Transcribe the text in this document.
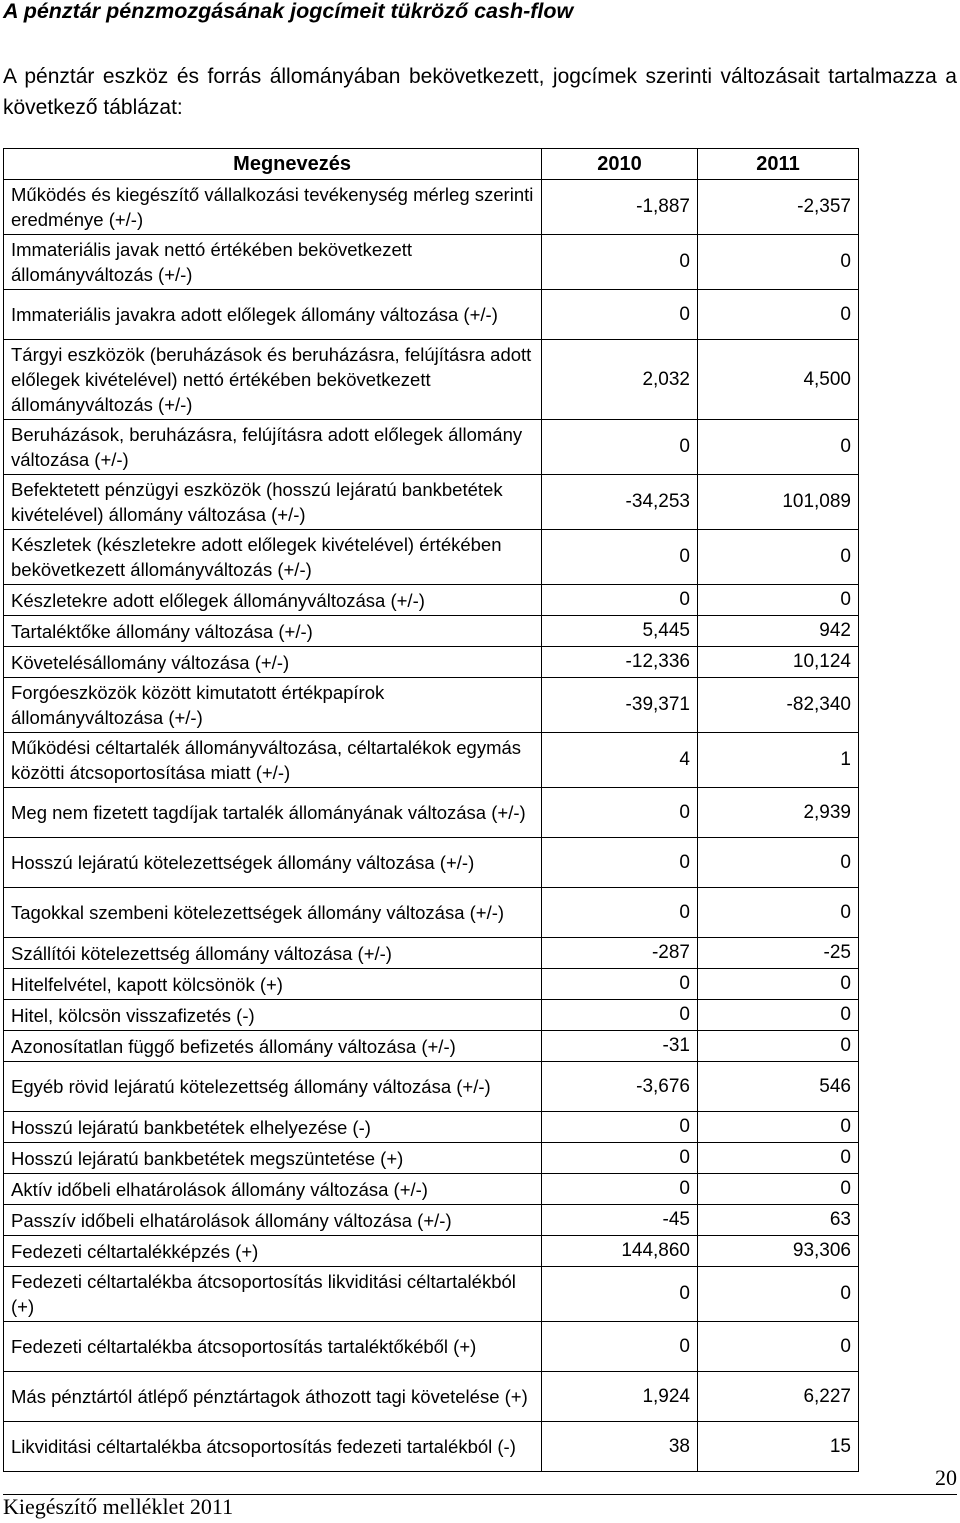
A pénztár pénzmozgásának jogcímeit tükröző cash-flow
A pénztár eszköz és forrás állományában bekövetkezett, jogcímek szerinti változásait tartalmazza a következő táblázat:
Megnevezés	2010	2011
Működés és kiegészítő vállalkozási tevékenység mérleg szerinti eredménye (+/-)	-1,887	-2,357
Immateriális javak nettó értékében bekövetkezett állományváltozás (+/-)	0	0
Immateriális javakra adott előlegek állomány változása (+/-)	0	0
Tárgyi eszközök (beruházások és beruházásra, felújításra adott előlegek kivételével) nettó értékében bekövetkezett állományváltozás (+/-)	2,032	4,500
Beruházások, beruházásra, felújításra adott előlegek állomány változása (+/-)	0	0
Befektetett pénzügyi eszközök (hosszú lejáratú bankbetétek kivételével) állomány változása (+/-)	-34,253	101,089
Készletek (készletekre adott előlegek kivételével) értékében bekövetkezett állományváltozás (+/-)	0	0
Készletekre adott előlegek állományváltozása (+/-)	0	0
Tartaléktőke állomány változása (+/-)	5,445	942
Követelésállomány változása (+/-)	-12,336	10,124
Forgóeszközök között kimutatott értékpapírok állományváltozása (+/-)	-39,371	-82,340
Működési céltartalék állományváltozása, céltartalékok egymás közötti átcsoportosítása miatt (+/-)	4	1
Meg nem fizetett tagdíjak tartalék állományának változása (+/-)	0	2,939
Hosszú lejáratú kötelezettségek állomány változása (+/-)	0	0
Tagokkal szembeni kötelezettségek állomány változása (+/-)	0	0
Szállítói kötelezettség állomány változása (+/-)	-287	-25
Hitelfelvétel, kapott kölcsönök (+)	0	0
Hitel, kölcsön visszafizetés (-)	0	0
Azonosítatlan függő befizetés állomány változása (+/-)	-31	0
Egyéb rövid lejáratú kötelezettség állomány változása (+/-)	-3,676	546
Hosszú lejáratú bankbetétek elhelyezése (-)	0	0
Hosszú lejáratú bankbetétek megszüntetése (+)	0	0
Aktív időbeli elhatárolások állomány változása (+/-)	0	0
Passzív időbeli elhatárolások állomány változása (+/-)	-45	63
Fedezeti céltartalékképzés (+)	144,860	93,306
Fedezeti céltartalékba átcsoportosítás likviditási céltartalékból (+)	0	0
Fedezeti céltartalékba átcsoportosítás tartaléktőkéből (+)	0	0
Más pénztártól átlépő pénztártagok áthozott tagi követelése (+)	1,924	6,227
Likviditási céltartalékba átcsoportosítás fedezeti tartalékból (-)	38	15
20
Kiegészítő melléklet 2011
